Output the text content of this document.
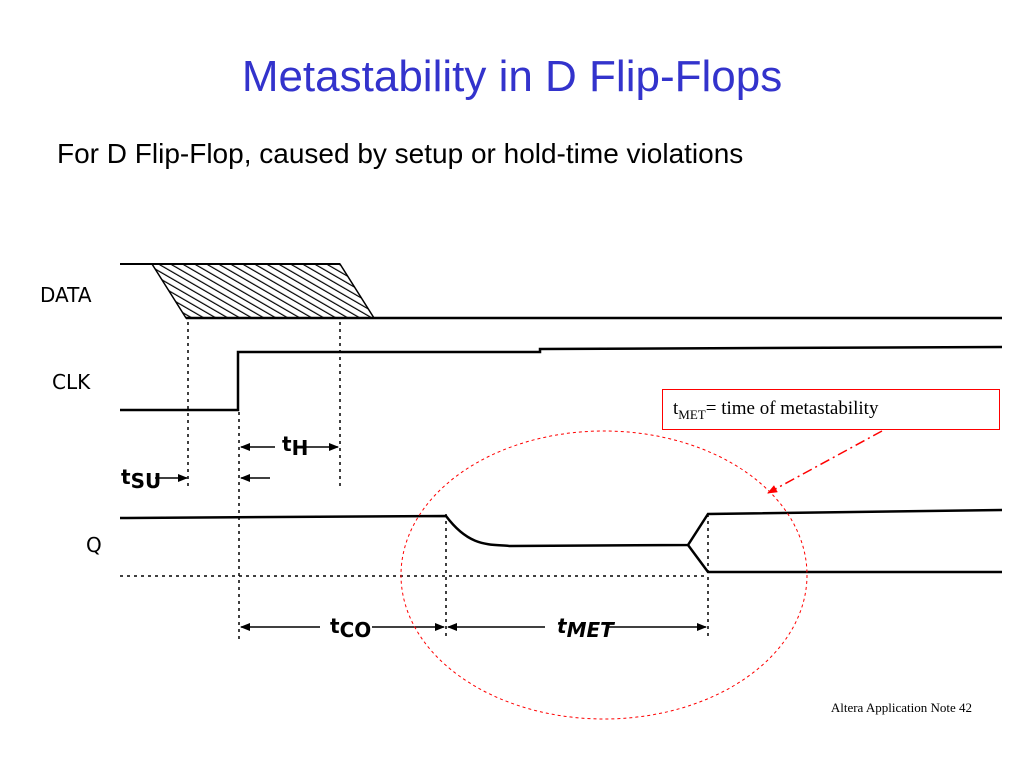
Metastability in D Flip-Flops
For D Flip-Flop, caused by setup or hold-time violations
DATA
CLK
Q
tSU
tH
tCO	tMET
$t_{MET}=$ time of metastability
Altera Application Note 42
